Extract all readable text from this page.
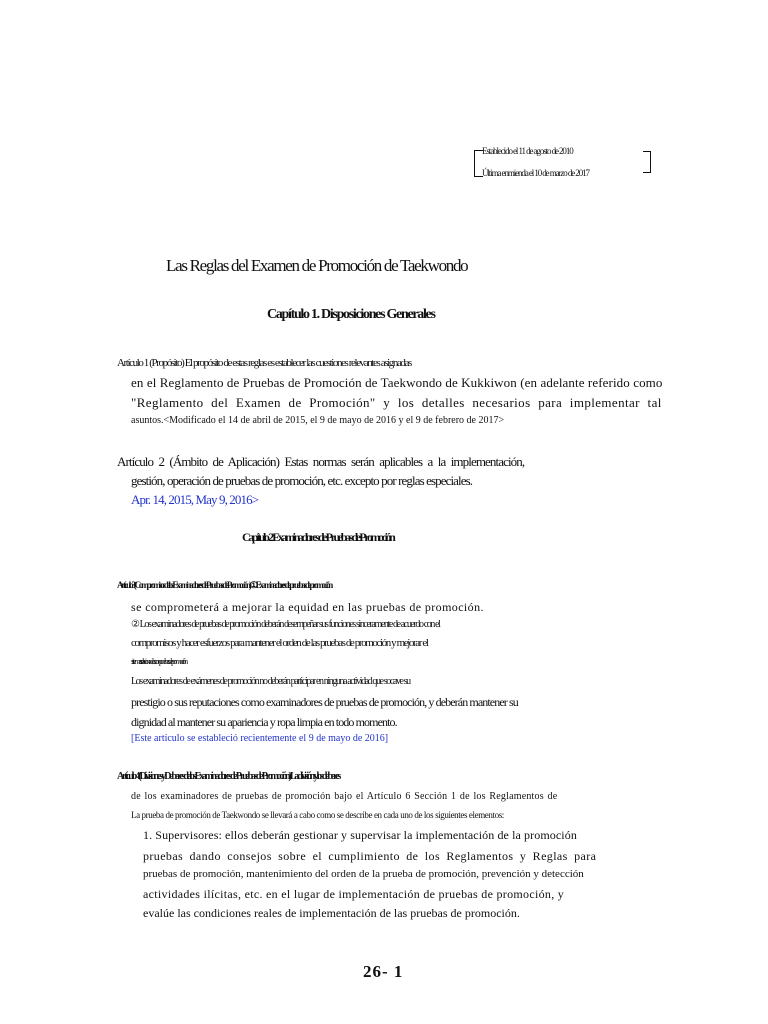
Establecido el 11 de agosto de 2010
Última enmienda el 10 de marzo de 2017
Las Reglas del Examen de Promoción de Taekwondo
Capítulo 1. Disposiciones Generales
Artículo 1 (Propósito) El propósito de estas reglas es establecer las cuestiones relevantes asignadas
en el Reglamento de Pruebas de Promoción de Taekwondo de Kukkiwon (en adelante referido como
"Reglamento del Examen de Promoción" y los detalles necesarios para implementar tal
asuntos.<Modificado el 14 de abril de 2015, el 9 de mayo de 2016 y el 9 de febrero de 2017>
Artículo 2 (Ámbito de Aplicación) Estas normas serán aplicables a la implementación,
gestión, operación de pruebas de promoción, etc. excepto por reglas especiales.
Apr. 14, 2015, May 9, 2016>
Capítulo 2 Examinadores de Pruebas de Promoción
Artículo 3 (Compromisos de los Examinadores de Pruebas de Promoción) ① Examinadores de pruebas de promoción
se comprometerá a mejorar la equidad en las pruebas de promoción.
② Los examinadores de pruebas de promoción deberán desempeñar sus funciones sinceramente de acuerdo con el
compromisos y hacer esfuerzos para mantener el orden de las pruebas de promoción y mejorar el
sistemas relacionados con pruebas de promoción
Los examinadores de exámenes de promoción no deberán participar en ninguna actividad que socave su
prestigio o sus reputaciones como examinadores de pruebas de promoción, y deberán mantener su
dignidad al mantener su apariencia y ropa limpia en todo momento.
[Este artículo se estableció recientemente el 9 de mayo de 2016]
Artículo 4 (Divisiones y Deberes de los Examinadores de Pruebas de Promoción) La división y los deberes
de los examinadores de pruebas de promoción bajo el Artículo 6 Sección 1 de los Reglamentos de
La prueba de promoción de Taekwondo se llevará a cabo como se describe en cada uno de los siguientes elementos:
1. Supervisores: ellos deberán gestionar y supervisar la implementación de la promoción
pruebas dando consejos sobre el cumplimiento de los Reglamentos y Reglas para
pruebas de promoción, mantenimiento del orden de la prueba de promoción, prevención y detección
actividades ilícitas, etc. en el lugar de implementación de pruebas de promoción, y
evalúe las condiciones reales de implementación de las pruebas de promoción.
26- 1
